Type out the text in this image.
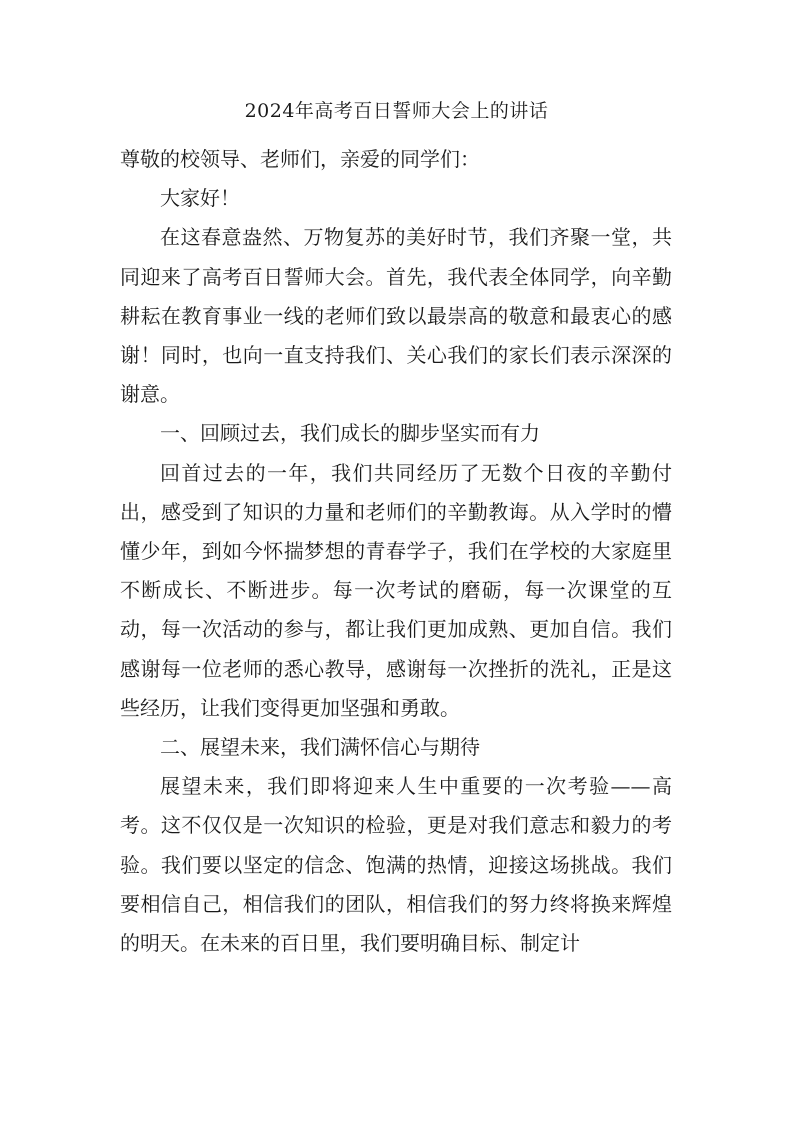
2024年高考百日誓师大会上的讲话

尊敬的校领导、老师们，亲爱的同学们：

大家好！

在这春意盎然、万物复苏的美好时节，我们齐聚一堂，共同迎来了高考百日誓师大会。首先，我代表全体同学，向辛勤耕耘在教育事业一线的老师们致以最崇高的敬意和最衷心的感谢！同时，也向一直支持我们、关心我们的家长们表示深深的谢意。

一、回顾过去，我们成长的脚步坚实而有力

回首过去的一年，我们共同经历了无数个日夜的辛勤付出，感受到了知识的力量和老师们的辛勤教诲。从入学时的懵懂少年，到如今怀揣梦想的青春学子，我们在学校的大家庭里不断成长、不断进步。每一次考试的磨砺，每一次课堂的互动，每一次活动的参与，都让我们更加成熟、更加自信。我们感谢每一位老师的悉心教导，感谢每一次挫折的洗礼，正是这些经历，让我们变得更加坚强和勇敢。

二、展望未来，我们满怀信心与期待

展望未来，我们即将迎来人生中重要的一次考验——高考。这不仅仅是一次知识的检验，更是对我们意志和毅力的考验。我们要以坚定的信念、饱满的热情，迎接这场挑战。我们要相信自己，相信我们的团队，相信我们的努力终将换来辉煌的明天。在未来的百日里，我们要明确目标、制定计
